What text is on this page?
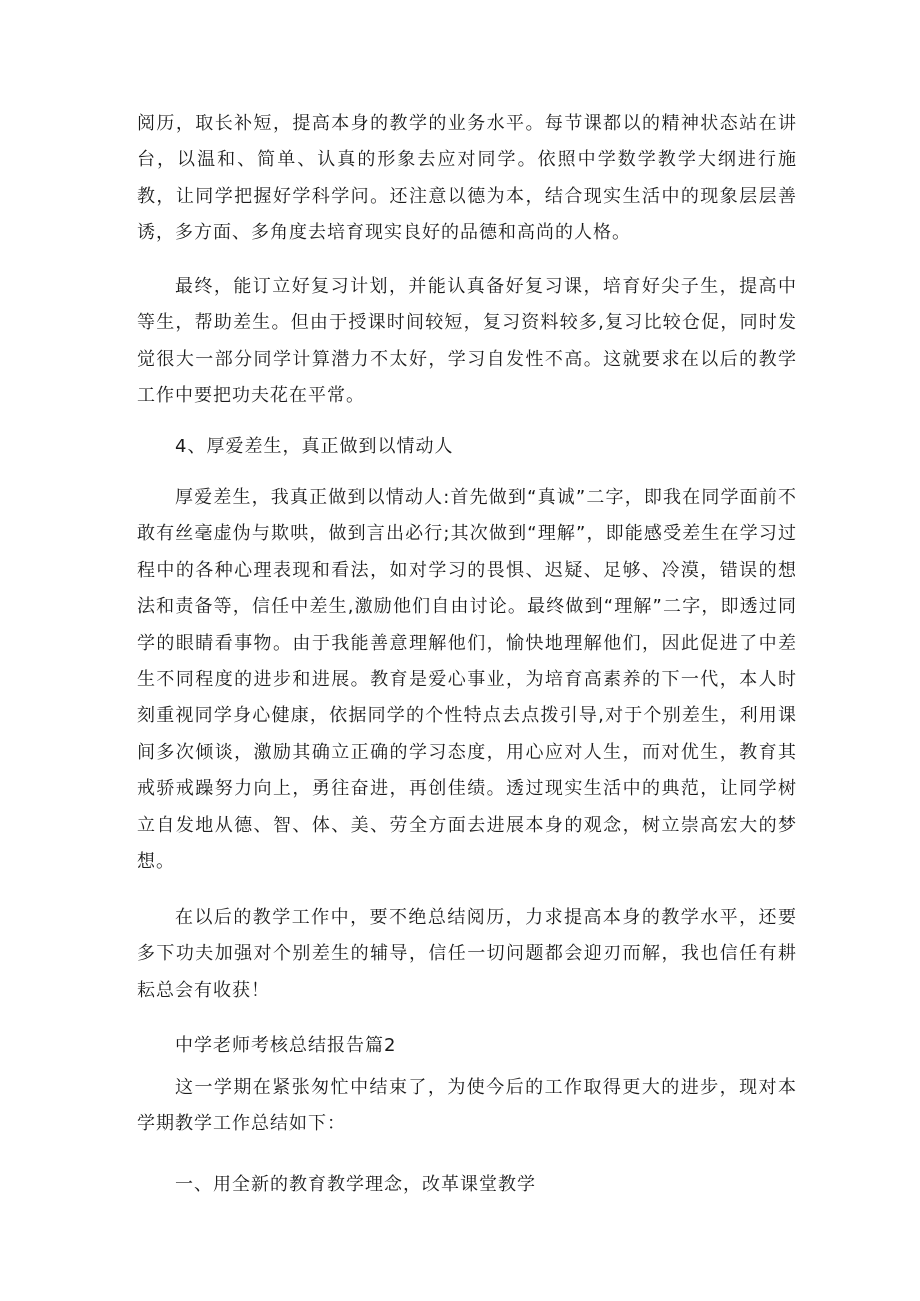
阅历，取长补短，提高本身的教学的业务水平。每节课都以的精神状态站在讲台，以温和、简单、认真的形象去应对同学。依照中学数学教学大纲进行施教，让同学把握好学科学问。还注意以德为本，结合现实生活中的现象层层善诱，多方面、多角度去培育现实良好的品德和高尚的人格。

最终，能订立好复习计划，并能认真备好复习课，培育好尖子生，提高中等生，帮助差生。但由于授课时间较短，复习资料较多,复习比较仓促，同时发觉很大一部分同学计算潜力不太好，学习自发性不高。这就要求在以后的教学工作中要把功夫花在平常。

4、厚爱差生，真正做到以情动人

厚爱差生，我真正做到以情动人:首先做到“真诚”二字，即我在同学面前不敢有丝毫虚伪与欺哄，做到言出必行;其次做到“理解”，即能感受差生在学习过程中的各种心理表现和看法，如对学习的畏惧、迟疑、足够、冷漠，错误的想法和责备等，信任中差生,激励他们自由讨论。最终做到“理解”二字，即透过同学的眼睛看事物。由于我能善意理解他们，愉快地理解他们，因此促进了中差生不同程度的进步和进展。教育是爱心事业，为培育高素养的下一代，本人时刻重视同学身心健康，依据同学的个性特点去点拨引导,对于个别差生，利用课间多次倾谈，激励其确立正确的学习态度，用心应对人生，而对优生，教育其戒骄戒躁努力向上，勇往奋进，再创佳绩。透过现实生活中的典范，让同学树立自发地从德、智、体、美、劳全方面去进展本身的观念，树立崇高宏大的梦想。

在以后的教学工作中，要不绝总结阅历，力求提高本身的教学水平，还要多下功夫加强对个别差生的辅导，信任一切问题都会迎刃而解，我也信任有耕耘总会有收获！

中学老师考核总结报告篇2

这一学期在紧张匆忙中结束了，为使今后的工作取得更大的进步，现对本学期教学工作总结如下：

一、用全新的教育教学理念，改革课堂教学
